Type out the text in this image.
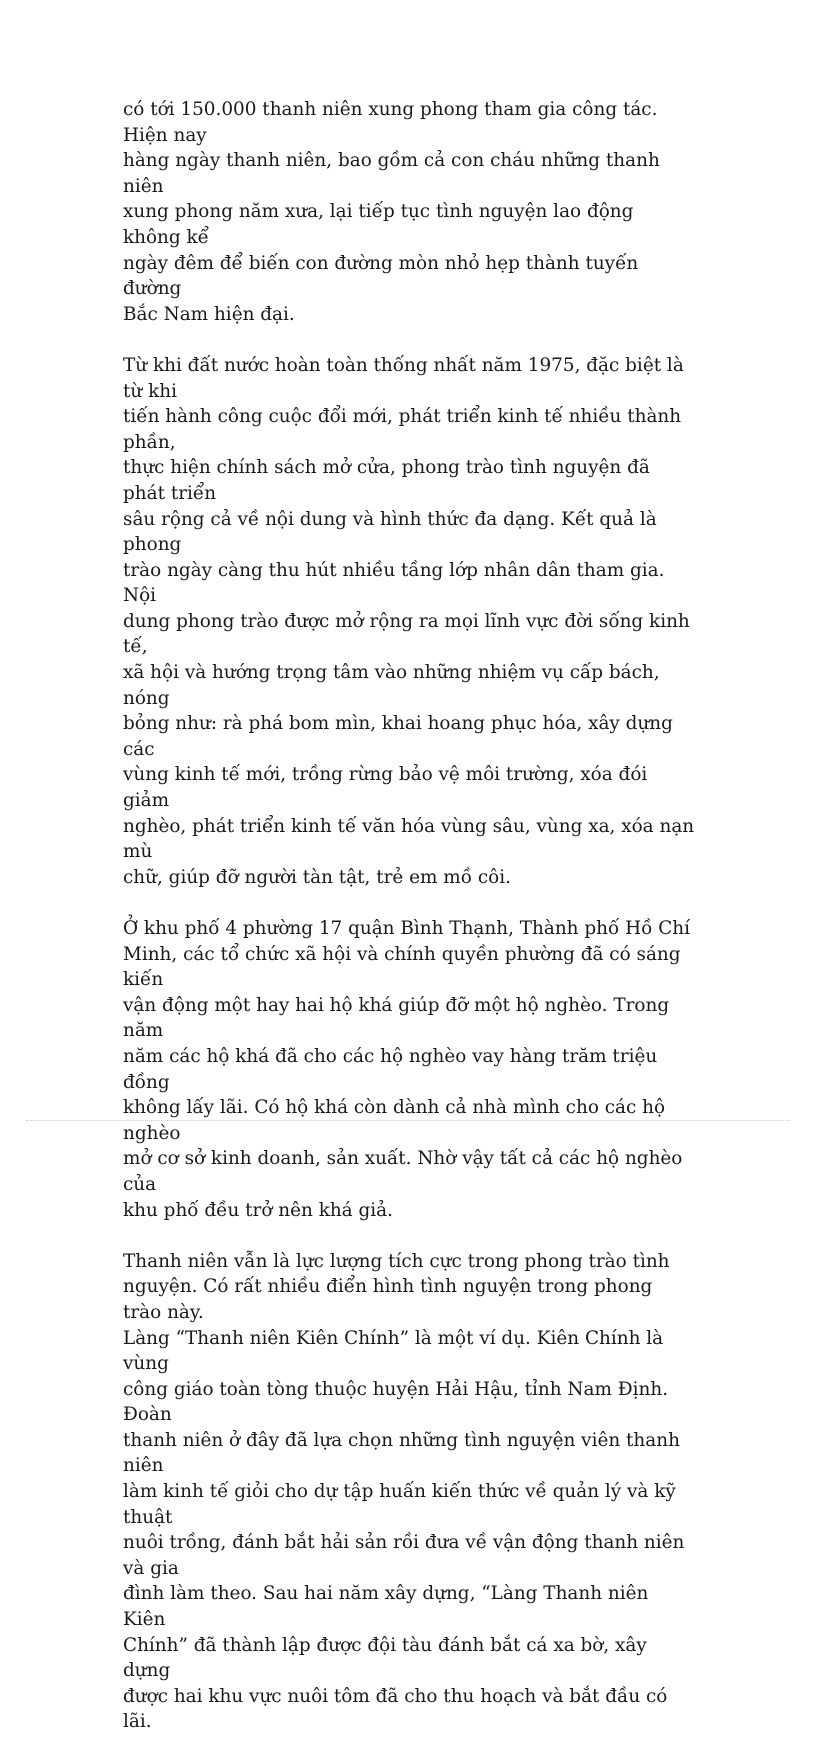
có tới 150.000 thanh niên xung phong tham gia công tác. Hiện nay
hàng ngày thanh niên, bao gồm cả con cháu những thanh niên
xung phong năm xưa, lại tiếp tục tình nguyện lao động không kể
ngày đêm để biến con đường mòn nhỏ hẹp thành tuyến đường
Bắc Nam hiện đại.

Từ khi đất nước hoàn toàn thống nhất năm 1975, đặc biệt là từ khi
tiến hành công cuộc đổi mới, phát triển kinh tế nhiều thành phần,
thực hiện chính sách mở cửa, phong trào tình nguyện đã phát triển
sâu rộng cả về nội dung và hình thức đa dạng. Kết quả là phong
trào ngày càng thu hút nhiều tầng lớp nhân dân tham gia. Nội
dung phong trào được mở rộng ra mọi lĩnh vực đời sống kinh tế,
xã hội và hướng trọng tâm vào những nhiệm vụ cấp bách, nóng
bỏng như: rà phá bom mìn, khai hoang phục hóa, xây dựng các
vùng kinh tế mới, trồng rừng bảo vệ môi trường, xóa đói giảm
nghèo, phát triển kinh tế văn hóa vùng sâu, vùng xa, xóa nạn mù
chữ, giúp đỡ người tàn tật, trẻ em mồ côi.

Ở khu phố 4 phường 17 quận Bình Thạnh, Thành phố Hồ Chí
Minh, các tổ chức xã hội và chính quyền phường đã có sáng kiến
vận động một hay hai hộ khá giúp đỡ một hộ nghèo. Trong năm
năm các hộ khá đã cho các hộ nghèo vay hàng trăm triệu đồng
không lấy lãi. Có hộ khá còn dành cả nhà mình cho các hộ nghèo
mở cơ sở kinh doanh, sản xuất. Nhờ vậy tất cả các hộ nghèo của
khu phố đều trở nên khá giả.

Thanh niên vẫn là lực lượng tích cực trong phong trào tình
nguyện. Có rất nhiều điển hình tình nguyện trong phong trào này.
Làng “Thanh niên Kiên Chính” là một ví dụ. Kiên Chính là vùng
công giáo toàn tòng thuộc huyện Hải Hậu, tỉnh Nam Định. Đoàn
thanh niên ở đây đã lựa chọn những tình nguyện viên thanh niên
làm kinh tế giỏi cho dự tập huấn kiến thức về quản lý và kỹ thuật
nuôi trồng, đánh bắt hải sản rồi đưa về vận động thanh niên và gia
đình làm theo. Sau hai năm xây dựng, “Làng Thanh niên Kiên
Chính” đã thành lập được đội tàu đánh bắt cá xa bờ, xây dựng
được hai khu vực nuôi tôm đã cho thu hoạch và bắt đầu có lãi.
